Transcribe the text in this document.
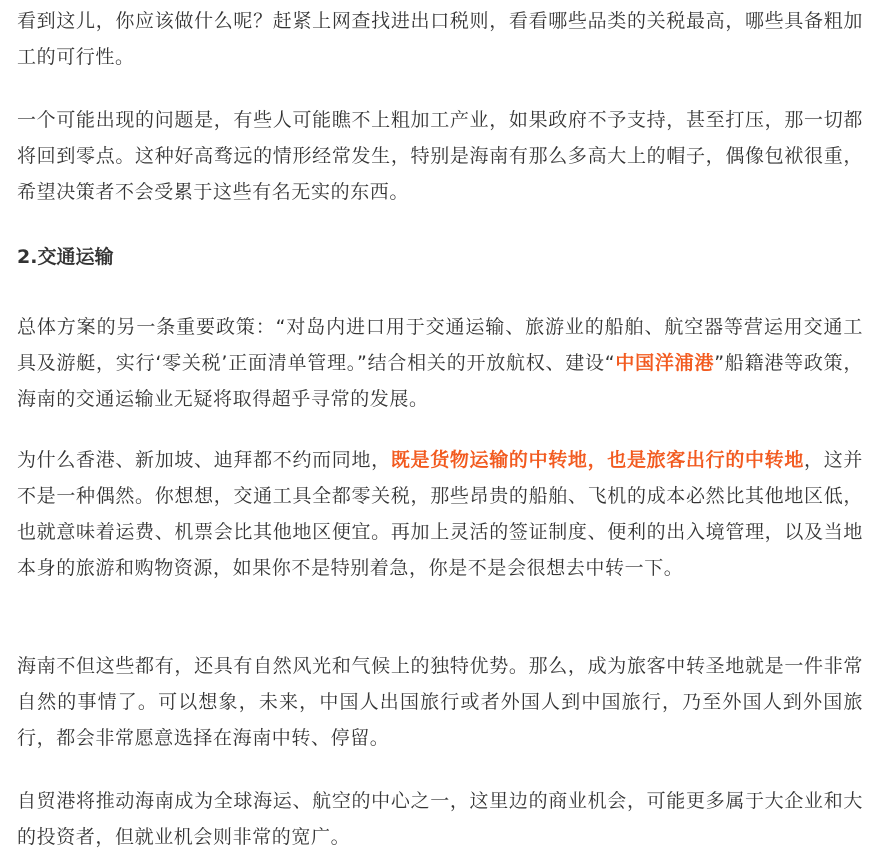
看到这儿，你应该做什么呢？赶紧上网查找进出口税则，看看哪些品类的关税最高，哪些具备粗加工的可行性。

一个可能出现的问题是，有些人可能瞧不上粗加工产业，如果政府不予支持，甚至打压，那一切都将回到零点。这种好高骛远的情形经常发生，特别是海南有那么多高大上的帽子，偶像包袱很重，希望决策者不会受累于这些有名无实的东西。

2.交通运输

总体方案的另一条重要政策：“对岛内进口用于交通运输、旅游业的船舶、航空器等营运用交通工具及游艇，实行‘零关税’正面清单管理。”结合相关的开放航权、建设“中国洋浦港”船籍港等政策，海南的交通运输业无疑将取得超乎寻常的发展。

为什么香港、新加坡、迪拜都不约而同地，既是货物运输的中转地，也是旅客出行的中转地，这并不是一种偶然。你想想，交通工具全都零关税，那些昂贵的船舶、飞机的成本必然比其他地区低，也就意味着运费、机票会比其他地区便宜。再加上灵活的签证制度、便利的出入境管理，以及当地本身的旅游和购物资源，如果你不是特别着急，你是不是会很想去中转一下。

海南不但这些都有，还具有自然风光和气候上的独特优势。那么，成为旅客中转圣地就是一件非常自然的事情了。可以想象，未来，中国人出国旅行或者外国人到中国旅行，乃至外国人到外国旅行，都会非常愿意选择在海南中转、停留。

自贸港将推动海南成为全球海运、航空的中心之一，这里边的商业机会，可能更多属于大企业和大的投资者，但就业机会则非常的宽广。
